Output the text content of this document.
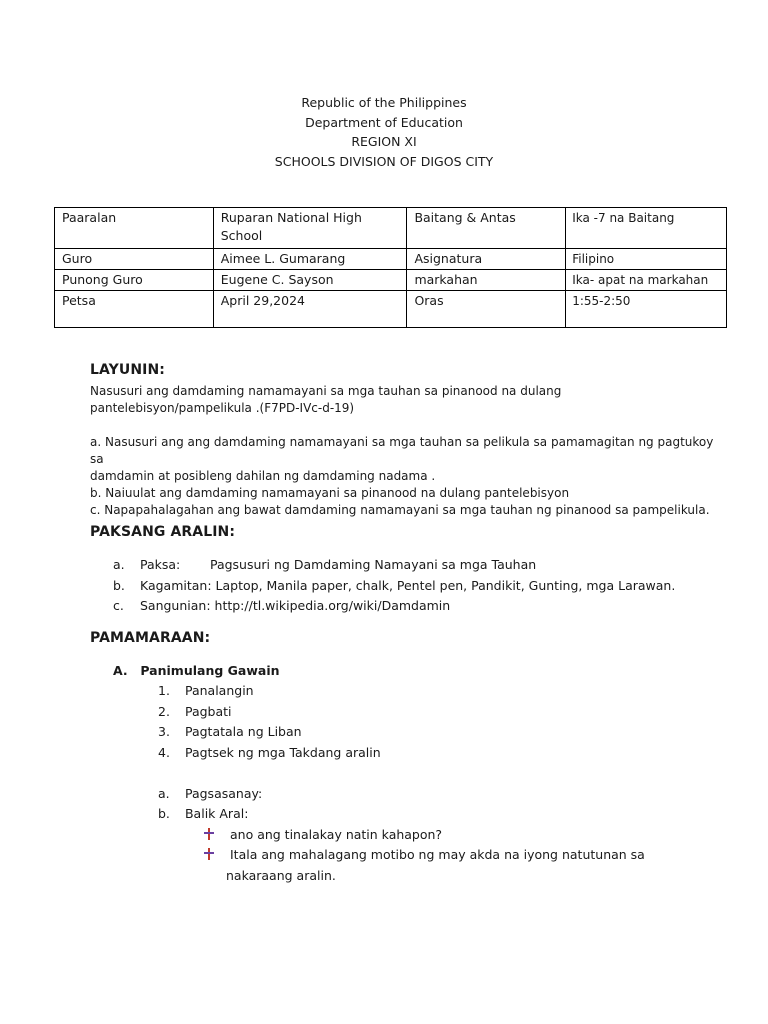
Republic of the Philippines
Department of Education
REGION XI
SCHOOLS DIVISION OF DIGOS CITY
Paaralan	Ruparan National High School	Baitang & Antas	Ika -7 na Baitang
Guro	Aimee L. Gumarang	Asignatura	Filipino
Punong Guro	Eugene C. Sayson	markahan	Ika- apat na markahan
Petsa	April 29,2024	Oras	1:55-2:50
LAYUNIN:
Nasusuri ang damdaming namamayani sa mga tauhan sa pinanood na dulang
pantelebisyon/pampelikula .(F7PD-IVc-d-19)
a. Nasusuri ang ang damdaming namamayani sa mga tauhan sa pelikula sa pamamagitan ng pagtukoy sa
damdamin at posibleng dahilan ng damdaming nadama .
b. Naiuulat ang damdaming namamayani sa pinanood na dulang pantelebisyon
c. Napapahalagahan ang bawat damdaming namamayani sa mga tauhan ng pinanood sa pampelikula.
PAKSANG ARALIN:
a. Paksa: Pagsusuri ng Damdaming Namayani sa mga Tauhan
b. Kagamitan: Laptop, Manila paper, chalk, Pentel pen, Pandikit, Gunting, mga Larawan.
c. Sangunian: http://tl.wikipedia.org/wiki/Damdamin
PAMAMARAAN:
A. Panimulang Gawain
1. Panalangin
2. Pagbati
3. Pagtatala ng Liban
4. Pagtsek ng mga Takdang aralin
a. Pagsasanay:
b. Balik Aral:
ano ang tinalakay natin kahapon?
Itala ang mahalagang motibo ng may akda na iyong natutunan sa
nakaraang aralin.
